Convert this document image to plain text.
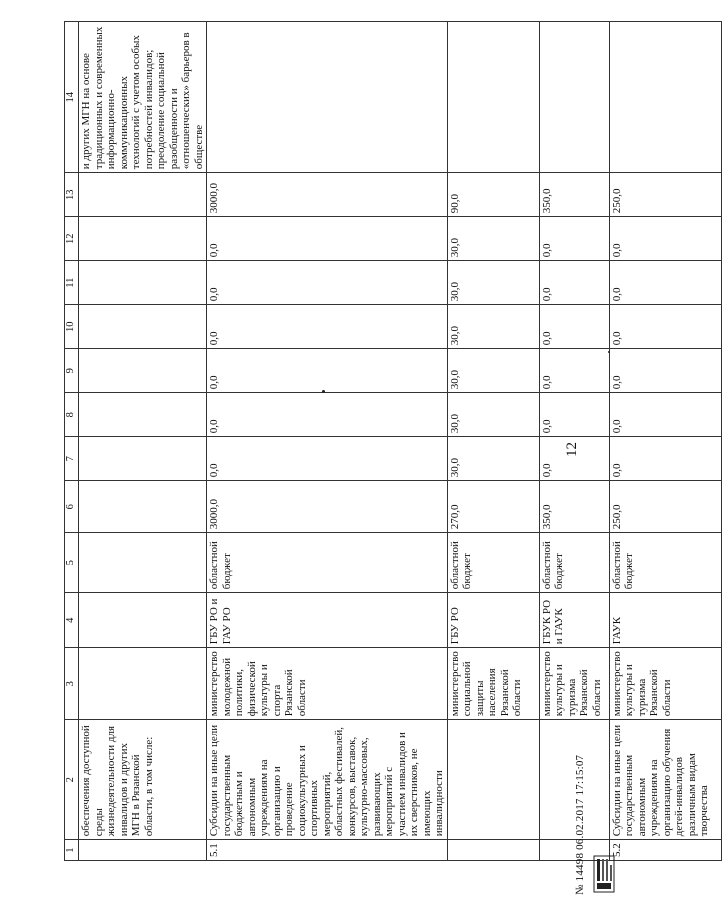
1	2	3	4	5	6	7	8	9	10	11	12	13	14
	обеспечения доступной среды жизнедеятельности для инвалидов и других МГН в Рязанской области, в том числе:												и других МГН на основе традиционных и современных информационно-коммуникационных технологий с учетом особых потребностей инвалидов; преодоление социальной разобщенности и «отношенческих» барьеров в обществе
5.1	Субсидии на иные цели государственным бюджетным и автономным учреждениям на организацию и проведение социокультурных и спортивных мероприятий, областных фестивалей, конкурсов, выставок, культурно-массовых, развивающих мероприятий с участием инвалидов и их сверстников, не имеющих инвалидности	министерство молодежной политики, физической культуры и спорта Рязанской области	ГБУ РО и ГАУ РО	областной бюджет	3000,0	0,0	0,0	0,0	0,0	0,0	0,0	3000,0	
		министерство социальной защиты населения Рязанской области	ГБУ РО	областной бюджет	270,0	30,0	30,0	30,0	30,0	30,0	30,0	90,0	
		министерство культуры и туризма Рязанской области	ГБУК РО и ГАУК	областной бюджет	350,0	0,0	0,0	0,0	0,0	0,0	0,0	350,0	
5.2	Субсидии на иные цели государственным автономным учреждениям на организацию обучения детей-инвалидов различным видам творчества	министерство культуры и туризма Рязанской области	ГАУК	областной бюджет	250,0	0,0	0,0	0,0	0,0	0,0	0,0	250,0	
12
№ 14498 06.02.2017 17:15:07
